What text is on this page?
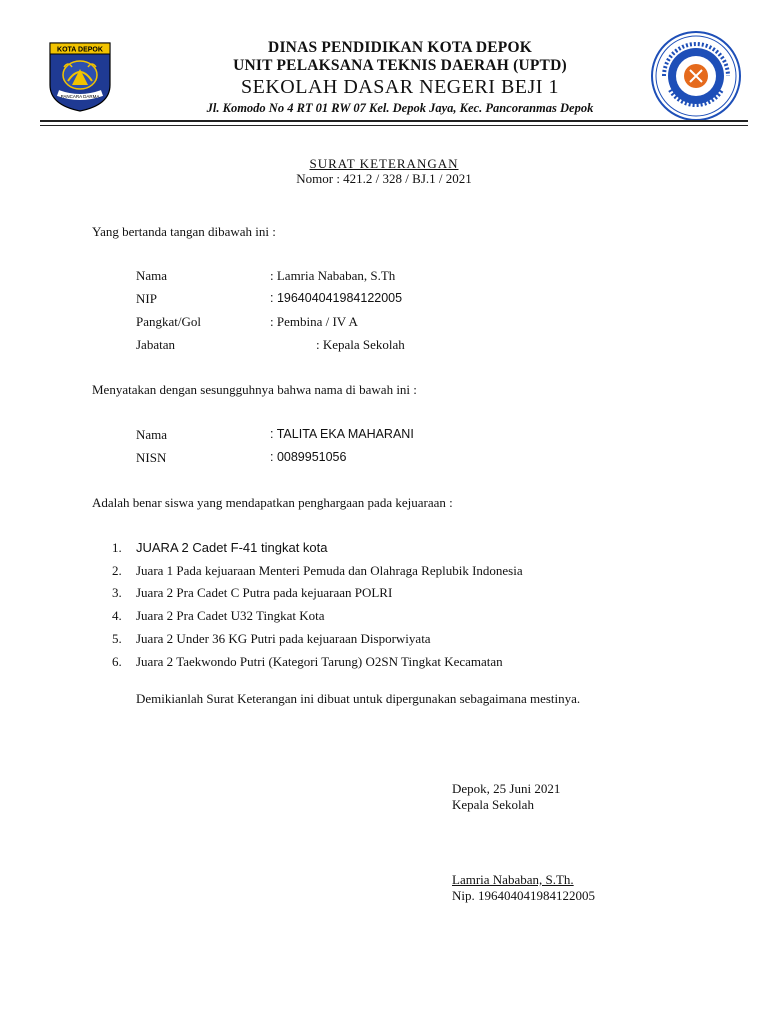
KOTA DEPOK
PANCARA DARMA
DINAS PENDIDIKAN KOTA DEPOK
UNIT PELAKSANA TEKNIS DAERAH (UPTD)
SEKOLAH DASAR NEGERI BEJI 1
Jl. Komodo No 4 RT 01 RW 07 Kel. Depok Jaya, Kec. Pancoranmas Depok
SURAT KETERANGAN
Nomor : 421.2 / 328 / BJ.1 / 2021
Yang bertanda tangan dibawah ini :
Nama	: Lamria Nababan, S.Th
NIP	: 196404041984122005
Pangkat/Gol	: Pembina / IV A
Jabatan	: Kepala Sekolah
Menyatakan dengan sesungguhnya bahwa nama di bawah ini :
Nama	: TALITA EKA MAHARANI
NISN	: 0089951056
Adalah benar siswa yang mendapatkan penghargaan pada kejuaraan :
1. JUARA 2 Cadet F-41 tingkat kota
2. Juara 1 Pada kejuaraan Menteri Pemuda dan Olahraga Replubik Indonesia
3. Juara 2 Pra Cadet C Putra pada kejuaraan POLRI
4. Juara 2 Pra Cadet U32 Tingkat Kota
5. Juara 2 Under 36 KG Putri pada kejuaraan Disporwiyata
6. Juara 2 Taekwondo Putri (Kategori Tarung) O2SN Tingkat Kecamatan
Demikianlah Surat Keterangan ini dibuat untuk dipergunakan sebagaimana mestinya.
Depok, 25 Juni 2021
Kepala Sekolah
Lamria Nababan, S.Th.
Nip. 196404041984122005
